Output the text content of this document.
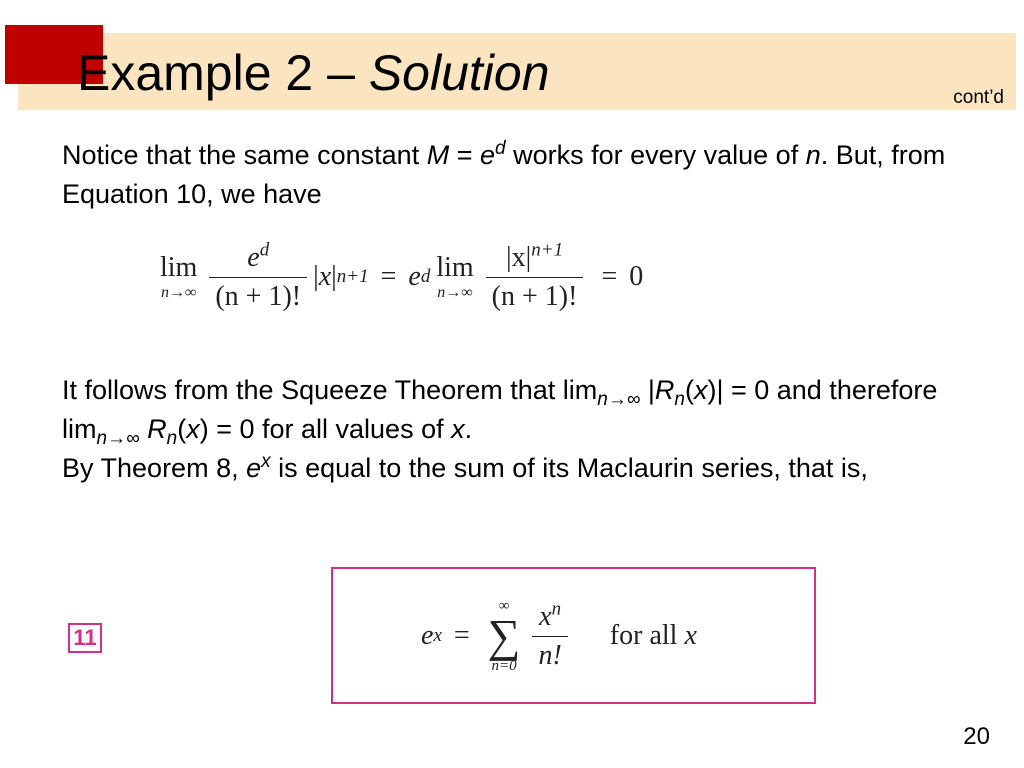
Example 2 – Solution	cont’d

Notice that the same constant $M = e^d$ works for every value of n. But, from Equation 10, we have

lim
$n\to\infty \frac{e^d}{(n + 1)!}$ | x | n+1 = e d lim
$n\to\infty \frac{|x|^{n+1}}{(n + 1)!} = 0$

It follows from the Squeeze Theorem that $\lim_{n\to\infty} |R_n(x)| = 0$ and therefore $\lim_{n\to\infty} R_n(x) = 0$ for all values of x.
By Theorem 8, $e^x$ is equal to the sum of its Maclaurin series, that is,

11	e x =
∞
∑
$n=0 \frac{x^n}{n!}$ for all x
20
